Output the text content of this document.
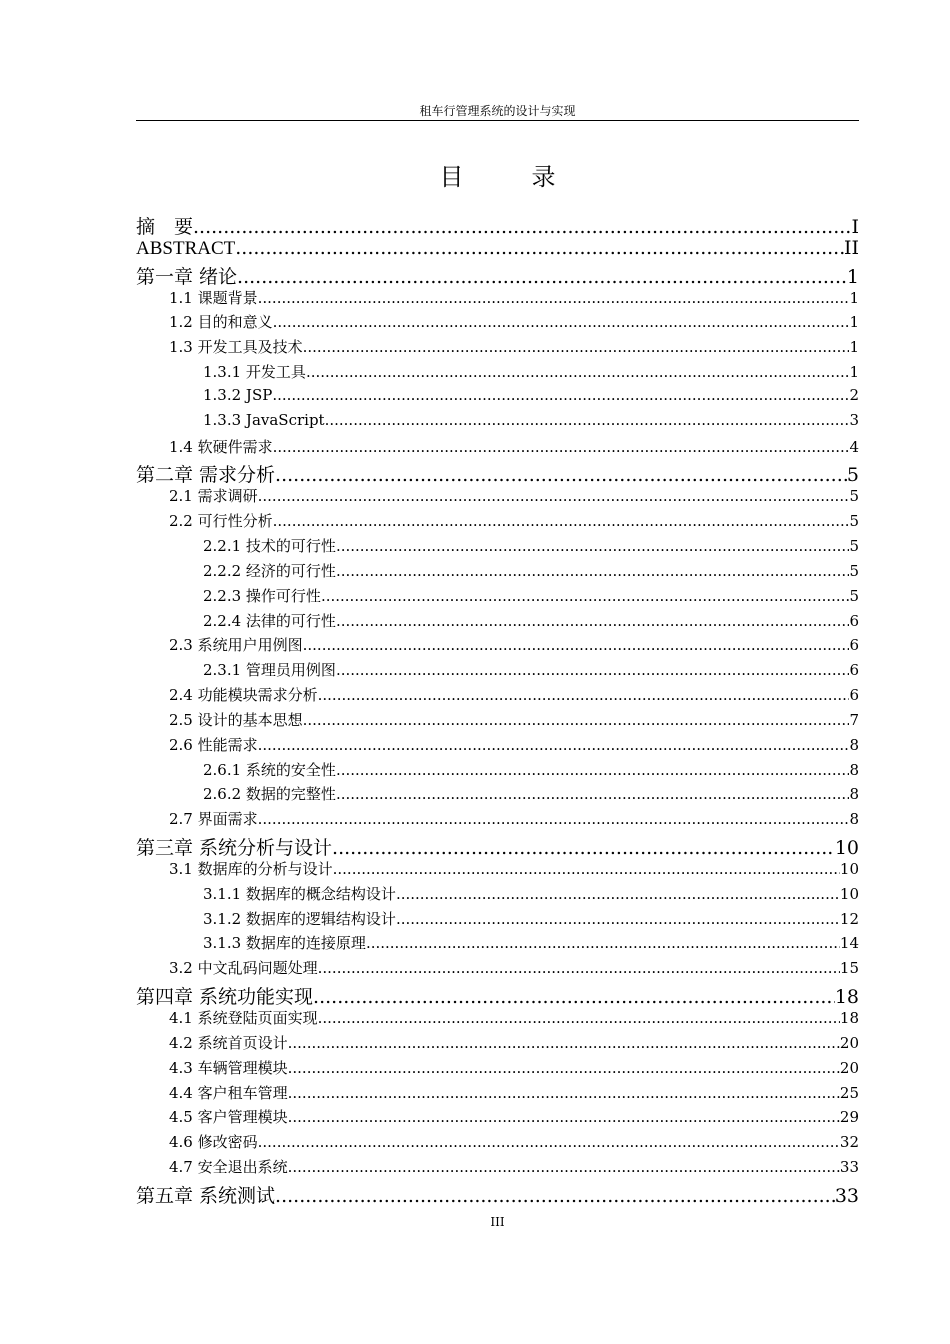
租车行管理系统的设计与实现
目　录
摘　要 .....	I
ABSTRACT .....	II
第一章 绪论 .....	1
1.1 课题背景 .....	1
1.2 目的和意义 .....	1
1.3 开发工具及技术 .....	1
1.3.1 开发工具 .....	1
1.3.2 JSP .....	2
1.3.3 JavaScript .....	3
1.4 软硬件需求 .....	4
第二章 需求分析 .....	5
2.1 需求调研 .....	5
2.2 可行性分析 .....	5
2.2.1 技术的可行性 .....	5
2.2.2 经济的可行性 .....	5
2.2.3 操作可行性 .....	5
2.2.4 法律的可行性 .....	6
2.3 系统用户用例图 .....	6
2.3.1 管理员用例图 .....	6
2.4 功能模块需求分析 .....	6
2.5 设计的基本思想 .....	7
2.6 性能需求 .....	8
2.6.1 系统的安全性 .....	8
2.6.2 数据的完整性 .....	8
2.7 界面需求 .....	8
第三章 系统分析与设计 .....	10
3.1 数据库的分析与设计 .....	10
3.1.1 数据库的概念结构设计 .....	10
3.1.2 数据库的逻辑结构设计 .....	12
3.1.3 数据库的连接原理 .....	14
3.2 中文乱码问题处理 .....	15
第四章 系统功能实现 .....	18
4.1 系统登陆页面实现 .....	18
4.2 系统首页设计 .....	20
4.3 车辆管理模块 .....	20
4.4 客户租车管理 .....	25
4.5 客户管理模块 .....	29
4.6 修改密码 .....	32
4.7 安全退出系统 .....	33
第五章 系统测试 .....	33
III
